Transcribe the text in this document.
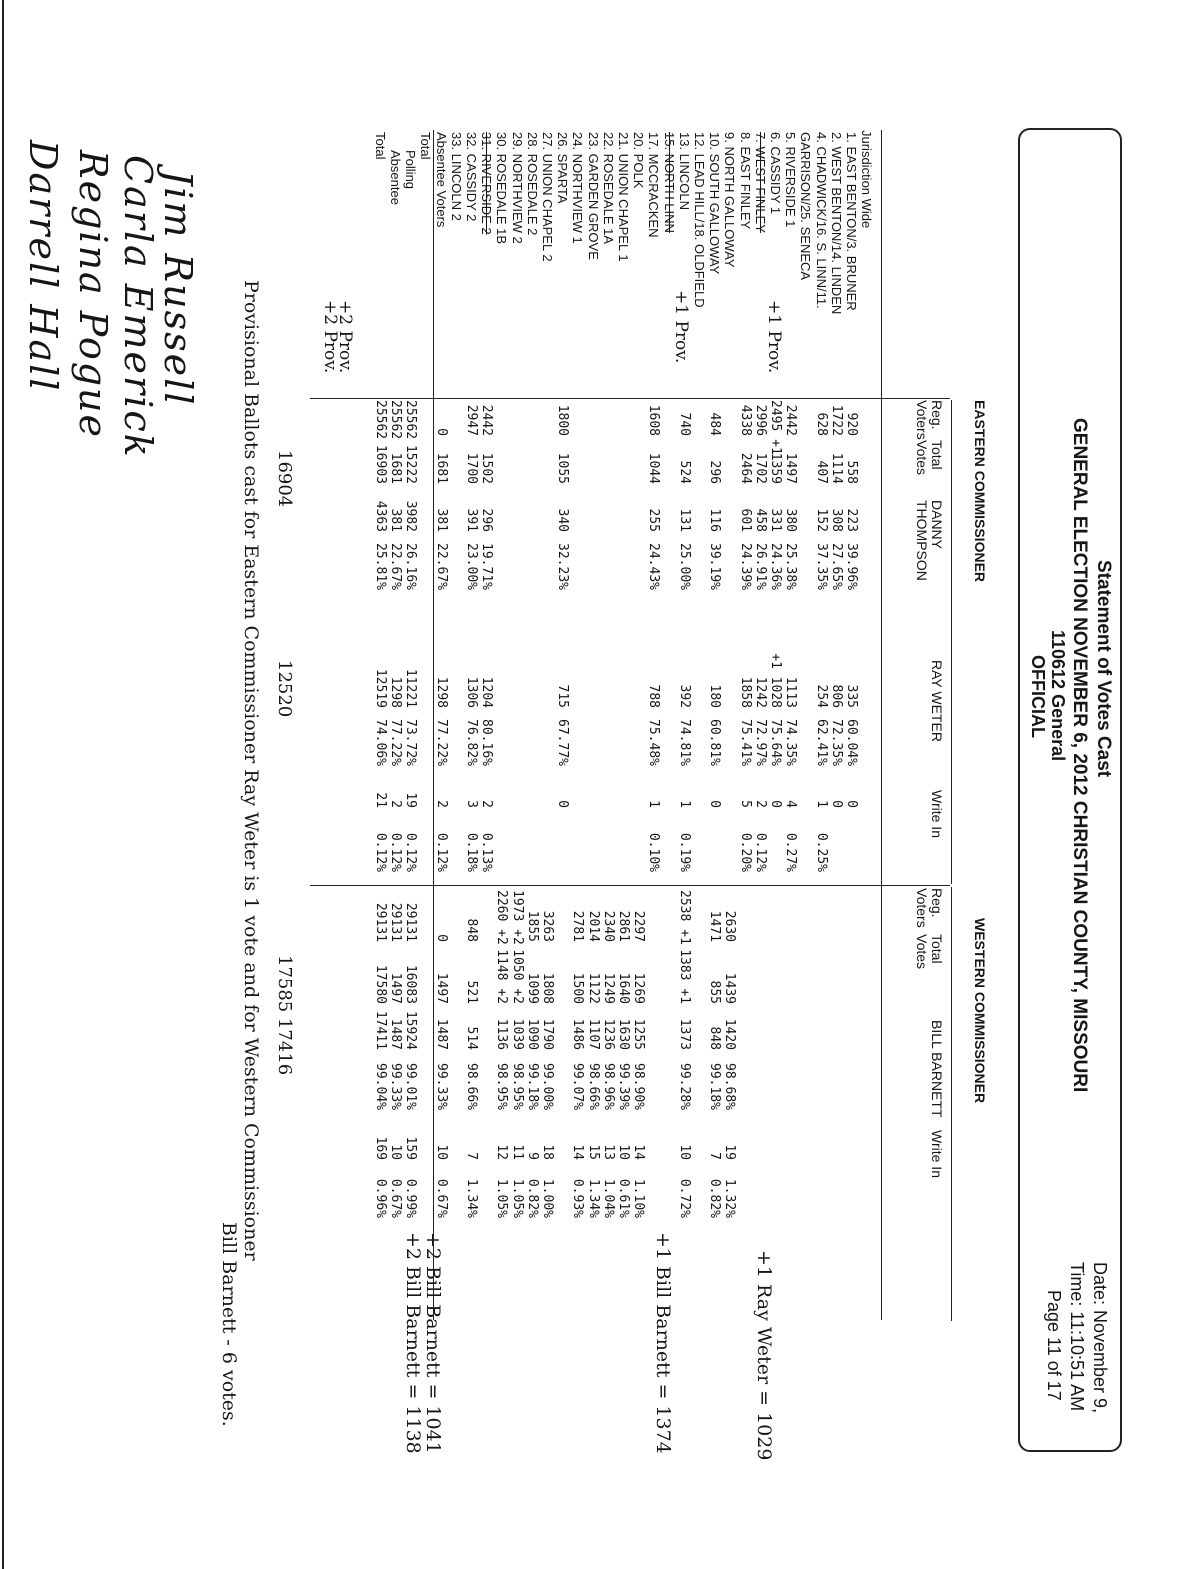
Statement of Votes Cast
GENERAL ELECTION NOVEMBER 6, 2012 CHRISTIAN COUNTY, MISSOURI
110612 General
OFFICIAL
Date: November 9,
Time: 11:10:51 AM
Page 11 of 17
EASTERN COMMISSIONER
WESTERN COMMISSIONER
Reg. Voters
Total Votes
DANNY THOMPSON
RAY WETER
Write In
Reg. Voters
Total Votes
BILL BARNETT
Write In
Jurisdiction Wide
+1 Prov.
+1 Prov.
+2 Prov.
+2 Prov.
16904
12520
17585 17416
+1 Ray Weter = 1029
+1 Bill Barnett = 1374
+2 Bill Barnett = 1041
+2 Bill Barnett = 1138
Provisional Ballots cast for Eastern Commissioner Ray Weter is 1 vote and for Western Commissioner
Bill Barnett - 6 votes.
Jim Russell
Carla Emerick
Regina Pogue
Darrell Hall	1. EAST BENTON/3. BRUNER
2. WEST BENTON/14. LINDEN
4. CHADWICK/16. S. LINN/11.
GARRISON/25. SENECA
5. RIVERSIDE 1
6. CASSIDY 1
7. WEST FINLEY
8. EAST FINLEY
9. NORTH GALLOWAY
10. SOUTH GALLOWAY
12. LEAD HILL/18. OLDFIELD
13. LINCOLN
15. NORTH LINN
17. MCCRACKEN
20. POLK
21. UNION CHAPEL 1
22. ROSEDALE 1A
23. GARDEN GROVE
24. NORTHVIEW 1
26. SPARTA
27. UNION CHAPEL 2
28. ROSEDALE 2
29. NORTHVIEW 2
30. ROSEDALE 1B
31. RIVERSIDE 2
32. CASSIDY 2
33. LINCOLN 2
Absentee Voters
Total
Polling
Absentee
Total
920
558
223
39.96%
335
60.04%
0
1722
1114
308
27.65%
806
72.35%
0
628
407
152
37.35%
254
62.41%
1
0.25%
2442
1497
380
25.38%
1113
74.35%
4
0.27%
2495 +1
1359
331
24.36%
+1 1028
75.64%
0
2996
1702
458
26.91%
1242
72.97%
2
0.12%
4338
2464
601
24.39%
1858
75.41%
5
0.20%
484
296
116
39.19%
180
60.81%
0
740
524
131
25.00%
392
74.81%
1
0.19%
1608
1044
255
24.43%
788
75.48%
1
0.10%
1800
1055
340
32.23%
715
67.77%
0
2442
1502
296
19.71%
1204
80.16%
2
0.13%
2947
1700
391
23.00%
1306
76.82%
3
0.18%
0
1681
381
22.67%
1298
77.22%
2
0.12%
25562
15222
3982
26.16%
11221
73.72%
19
0.12%
25562
1681
381
22.67%
1298
77.22%
2
0.12%
25562
16903
4363
25.81%
12519
74.06%
21
0.12%
2630
1439
1420
98.68%
19
1.32%
1471
855
848
99.18%
7
0.82%
2538 +1
1383 +1
1373
99.28%
10
0.72%
2297
1269
1255
98.90%
14
1.10%
2861
1640
1630
99.39%
10
0.61%
2340
1249
1236
98.96%
13
1.04%
2014
1122
1107
98.66%
15
1.34%
2781
1500
1486
99.07%
14
0.93%
3263
1808
1790
99.00%
18
1.00%
1855
1099
1090
99.18%
9
0.82%
1973 +2
1050 +2
1039
98.95%
11
1.05%
2260 +2
1148 +2
1136
98.95%
12
1.05%
848
521
514
98.66%
7
1.34%
0
1497
1487
99.33%
10
0.67%
29131
16083
15924
99.01%
159
0.99%
29131
1497
1487
99.33%
10
0.67%
29131
17580
17411
99.04%
169
0.96%
